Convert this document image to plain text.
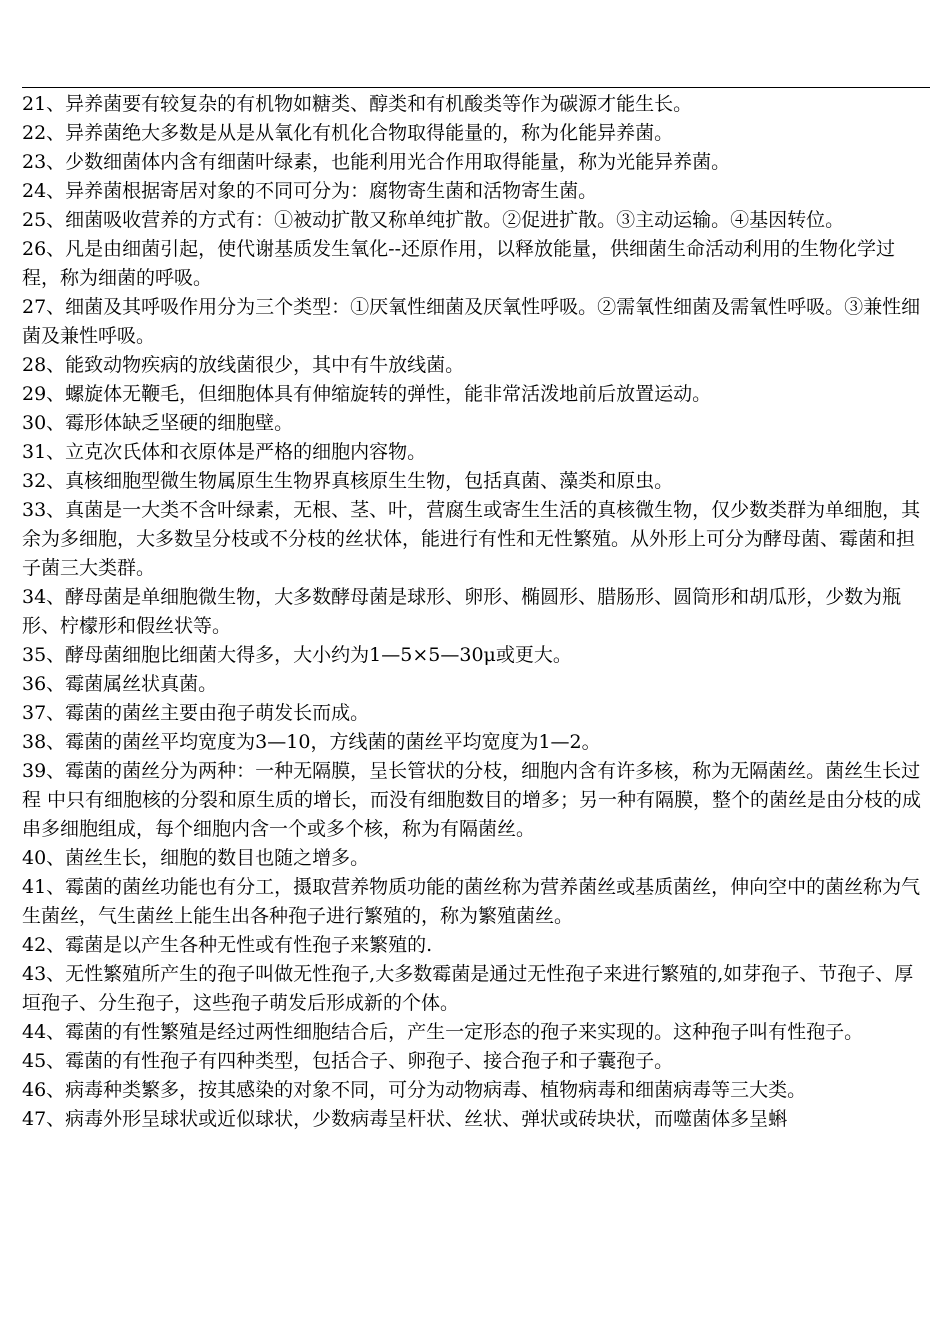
21、异养菌要有较复杂的有机物如糖类、醇类和有机酸类等作为碳源才能生长。

22、异养菌绝大多数是从是从氧化有机化合物取得能量的，称为化能异养菌。

23、少数细菌体内含有细菌叶绿素，也能利用光合作用取得能量，称为光能异养菌。

24、异养菌根据寄居对象的不同可分为：腐物寄生菌和活物寄生菌。

25、细菌吸收营养的方式有：①被动扩散又称单纯扩散。②促进扩散。③主动运输。④基因转位。

26、凡是由细菌引起，使代谢基质发生氧化--还原作用，以释放能量，供细菌生命活动利用的生物化学过程，称为细菌的呼吸。

27、细菌及其呼吸作用分为三个类型：①厌氧性细菌及厌氧性呼吸。②需氧性细菌及需氧性呼吸。③兼性细菌及兼性呼吸。

28、能致动物疾病的放线菌很少，其中有牛放线菌。

29、螺旋体无鞭毛，但细胞体具有伸缩旋转的弹性，能非常活泼地前后放置运动。

30、霉形体缺乏坚硬的细胞壁。

31、立克次氏体和衣原体是严格的细胞内容物。

32、真核细胞型微生物属原生生物界真核原生生物，包括真菌、藻类和原虫。

33、真菌是一大类不含叶绿素，无根、茎、叶，营腐生或寄生生活的真核微生物，仅少数类群为单细胞，其余为多细胞，大多数呈分枝或不分枝的丝状体，能进行有性和无性繁殖。从外形上可分为酵母菌、霉菌和担子菌三大类群。

34、酵母菌是单细胞微生物，大多数酵母菌是球形、卵形、椭圆形、腊肠形、圆筒形和胡瓜形，少数为瓶形、柠檬形和假丝状等。

35、酵母菌细胞比细菌大得多，大小约为1—5×5—30μ或更大。

36、霉菌属丝状真菌。

37、霉菌的菌丝主要由孢子萌发长而成。

38、霉菌的菌丝平均宽度为3—10，方线菌的菌丝平均宽度为1—2。

39、霉菌的菌丝分为两种：一种无隔膜，呈长管状的分枝，细胞内含有许多核，称为无隔菌丝。菌丝生长过程 中只有细胞核的分裂和原生质的增长，而没有细胞数目的增多；另一种有隔膜，整个的菌丝是由分枝的成串多细胞组成，每个细胞内含一个或多个核，称为有隔菌丝。

40、菌丝生长，细胞的数目也随之增多。

41、霉菌的菌丝功能也有分工，摄取营养物质功能的菌丝称为营养菌丝或基质菌丝，伸向空中的菌丝称为气生菌丝，气生菌丝上能生出各种孢子进行繁殖的，称为繁殖菌丝。

42、霉菌是以产生各种无性或有性孢子来繁殖的.

43、无性繁殖所产生的孢子叫做无性孢子,大多数霉菌是通过无性孢子来进行繁殖的,如芽孢子、节孢子、厚垣孢子、分生孢子，这些孢子萌发后形成新的个体。

44、霉菌的有性繁殖是经过两性细胞结合后，产生一定形态的孢子来实现的。这种孢子叫有性孢子。

45、霉菌的有性孢子有四种类型，包括合子、卵孢子、接合孢子和子囊孢子。

46、病毒种类繁多，按其感染的对象不同，可分为动物病毒、植物病毒和细菌病毒等三大类。

47、病毒外形呈球状或近似球状，少数病毒呈杆状、丝状、弹状或砖块状，而噬菌体多呈蝌
